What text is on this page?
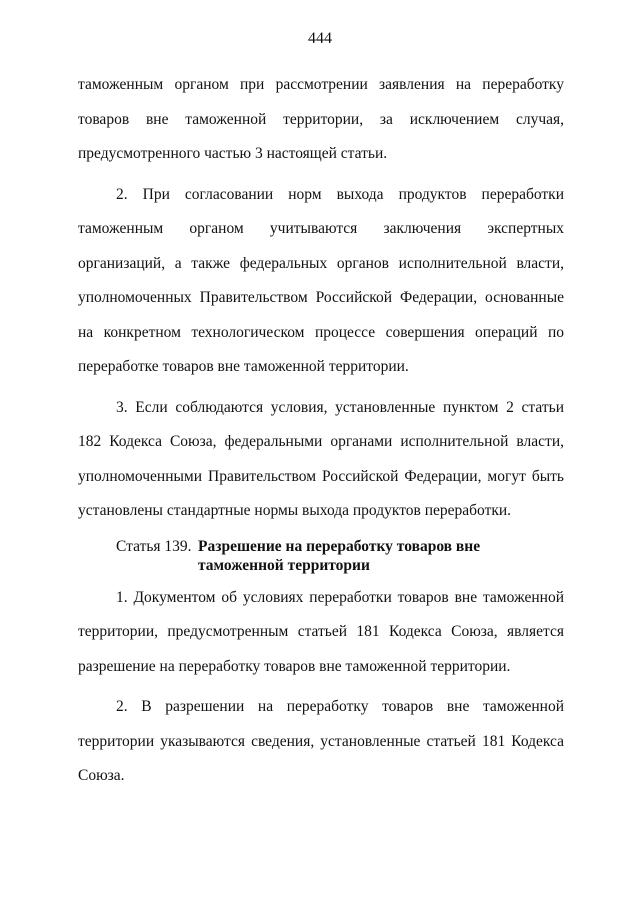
444

таможенным органом при рассмотрении заявления на переработку товаров вне таможенной территории, за исключением случая, предусмотренного частью 3 настоящей статьи.

2. При согласовании норм выхода продуктов переработки таможенным органом учитываются заключения экспертных организаций, а также федеральных органов исполнительной власти, уполномоченных Правительством Российской Федерации, основанные на конкретном технологическом процессе совершения операций по переработке товаров вне таможенной территории.

3. Если соблюдаются условия, установленные пунктом 2 статьи 182 Кодекса Союза, федеральными органами исполнительной власти, уполномоченными Правительством Российской Федерации, могут быть установлены стандартные нормы выхода продуктов переработки.

Статья 139. Разрешение на переработку товаров вне таможенной территории

1. Документом об условиях переработки товаров вне таможенной территории, предусмотренным статьей 181 Кодекса Союза, является разрешение на переработку товаров вне таможенной территории.

2. В разрешении на переработку товаров вне таможенной территории указываются сведения, установленные статьей 181 Кодекса Союза.
